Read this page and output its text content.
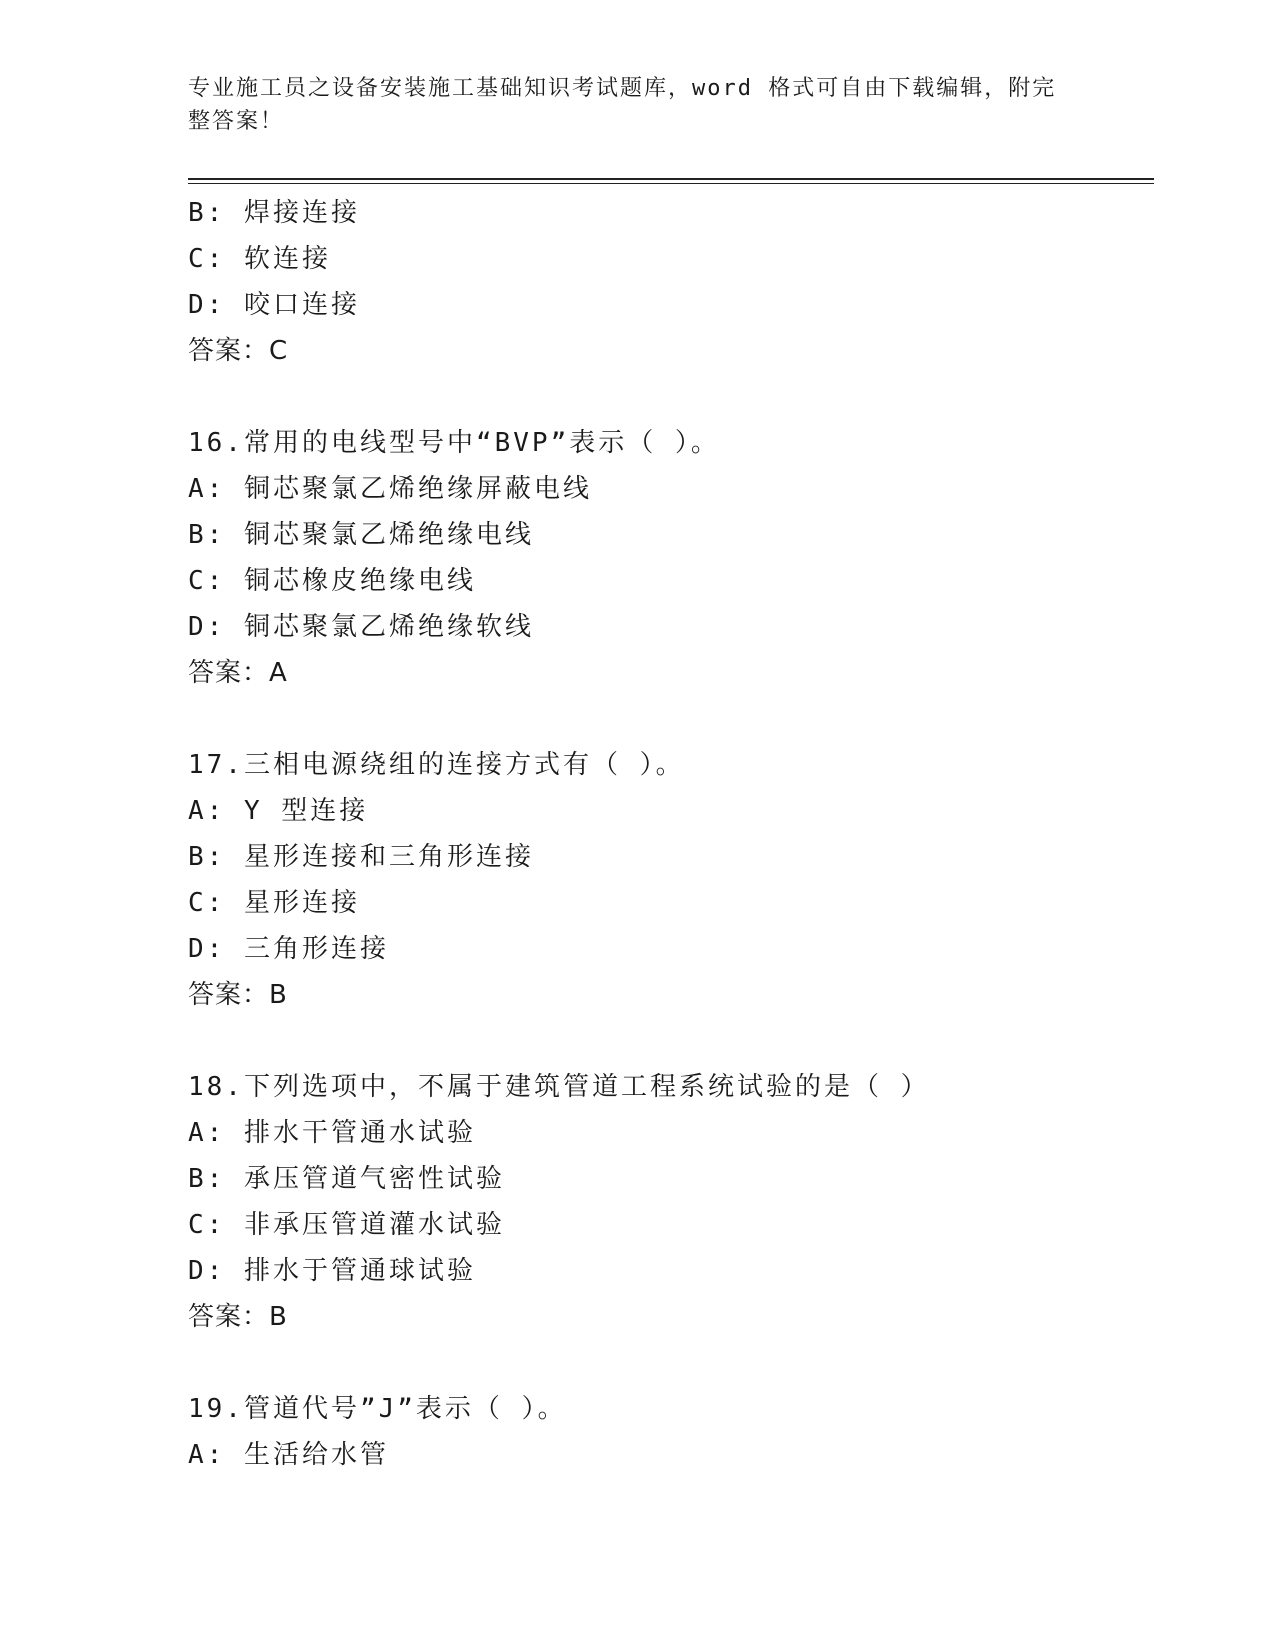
专业施工员之设备安装施工基础知识考试题库，word 格式可自由下载编辑，附完
整答案！
B: 焊接连接
C: 软连接
D: 咬口连接
答案：C
16.常用的电线型号中“BVP”表示（ ）。
A: 铜芯聚氯乙烯绝缘屏蔽电线
B: 铜芯聚氯乙烯绝缘电线
C: 铜芯橡皮绝缘电线
D: 铜芯聚氯乙烯绝缘软线
答案：A
17.三相电源绕组的连接方式有（ ）。
A: Y 型连接
B: 星形连接和三角形连接
C: 星形连接
D: 三角形连接
答案：B
18.下列选项中，不属于建筑管道工程系统试验的是（ ）
A: 排水干管通水试验
B: 承压管道气密性试验
C: 非承压管道灌水试验
D: 排水于管通球试验
答案：B
19.管道代号”J”表示（ ）。
A: 生活给水管
